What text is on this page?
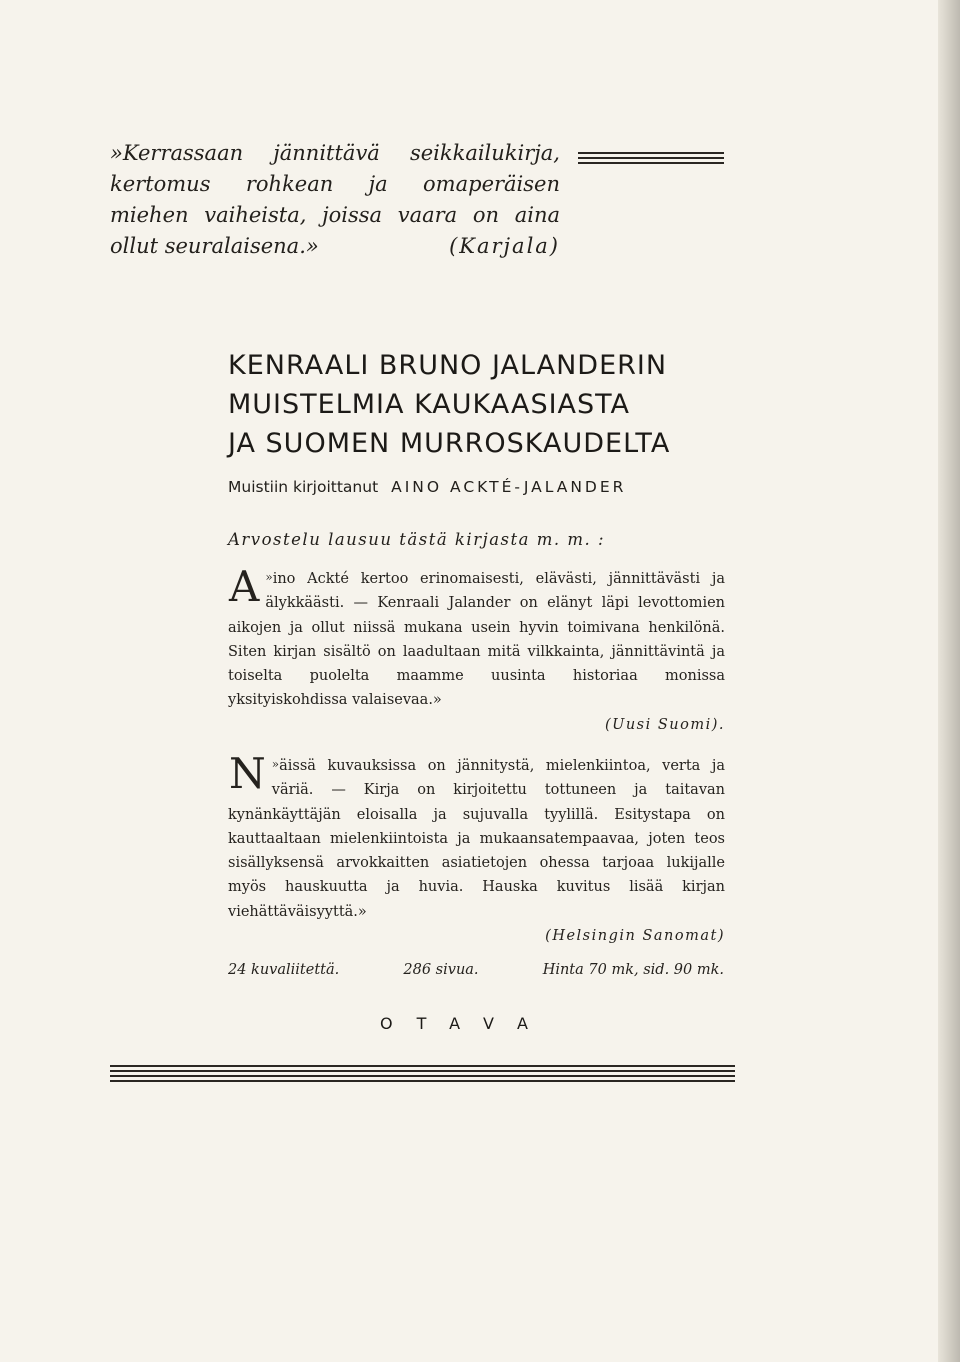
»Kerrassaan jännittävä seikkailukirja,
kertomus rohkean ja omaperäisen
miehen vaiheista, joissa vaara on aina
ollut seuralaisena.»	(Karjala)

KENRAALI BRUNO JALANDERIN
MUISTELMIA KAUKAASIASTA
JA SUOMEN MURROSKAUDELTA
Muistiin kirjoittanut AINO ACKTÉ-JALANDER
Arvostelu lausuu tästä kirjasta m. m. :

»
A ino Ackté kertoo erinomaisesti, elävästi, jännittävästi ja älykkäästi. — Kenraali Jalander on elänyt läpi levottomien aikojen ja ollut niissä mukana usein hyvin toimivana henkilönä. Siten kirjan sisältö on laadultaan mitä vilkkainta, jännittävintä ja toiselta puolelta maamme uusinta historiaa monissa yksityiskohdissa valaisevaa.»
(Uusi Suomi).

»
N äissä kuvauksissa on jännitystä, mielenkiintoa, verta ja väriä. — Kirja on kirjoitettu tottuneen ja taitavan kynänkäyttäjän eloisalla ja sujuvalla tyylillä. Esitystapa on kauttaaltaan mielenkiintoista ja mukaansatempaavaa, joten teos sisällyksensä arvokkaitten asiatietojen ohessa tarjoaa lukijalle myös hauskuutta ja huvia. Hauska kuvitus lisää kirjan viehättäväisyyttä.»
(Helsingin Sanomat)

24 kuvaliitettä.	286 sivua.	Hinta 70 mk, sid. 90 mk.
OTAVA
